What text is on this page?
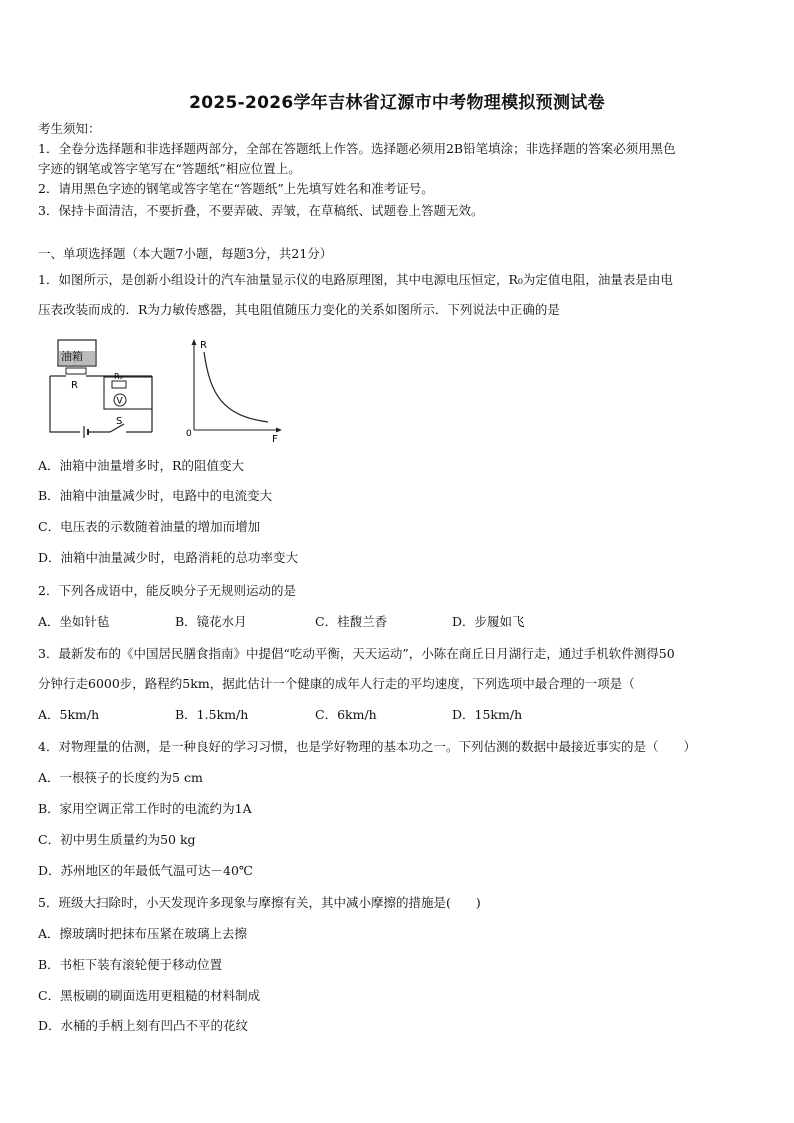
2025-2026学年吉林省辽源市中考物理模拟预测试卷
考生须知：
1．全卷分选择题和非选择题两部分，全部在答题纸上作答。选择题必须用2B铅笔填涂；非选择题的答案必须用黑色
字迹的钢笔或答字笔写在“答题纸”相应位置上。
2．请用黑色字迹的钢笔或答字笔在“答题纸”上先填写姓名和准考证号。
3．保持卡面清洁，不要折叠，不要弄破、弄皱，在草稿纸、试题卷上答题无效。
一、单项选择题（本大题7小题，每题3分，共21分）
1．如图所示，是创新小组设计的汽车油量显示仪的电路原理图，其中电源电压恒定，R₀为定值电阻，油量表是由电
压表改装而成的．R为力敏传感器，其电阻值随压力变化的关系如图所示．下列说法中正确的是
油箱
R
R₀
V
S
R
F
0
A．油箱中油量增多时，R的阻值变大
B．油箱中油量减少时，电路中的电流变大
C．电压表的示数随着油量的增加而增加
D．油箱中油量减少时，电路消耗的总功率变大
2．下列各成语中，能反映分子无规则运动的是
A．坐如针毡	B．镜花水月	C．桂馥兰香	D．步履如飞
3．最新发布的《中国居民膳食指南》中提倡“吃动平衡，天天运动”，小陈在商丘日月湖行走，通过手机软件测得50
分钟行走6000步，路程约5km，据此估计一个健康的成年人行走的平均速度，下列选项中最合理的一项是（
A．5km/h	B．1.5km/h	C．6km/h	D．15km/h
4．对物理量的估测，是一种良好的学习习惯，也是学好物理的基本功之一。下列估测的数据中最接近事实的是（　　）
A．一根筷子的长度约为5 cm
B．家用空调正常工作时的电流约为1A
C．初中男生质量约为50 kg
D．苏州地区的年最低气温可达－40℃
5．班级大扫除时，小天发现许多现象与摩擦有关，其中减小摩擦的措施是(　　)
A．擦玻璃时把抹布压紧在玻璃上去擦
B．书柜下装有滚轮便于移动位置
C．黑板刷的刷面选用更粗糙的材料制成
D．水桶的手柄上刻有凹凸不平的花纹
